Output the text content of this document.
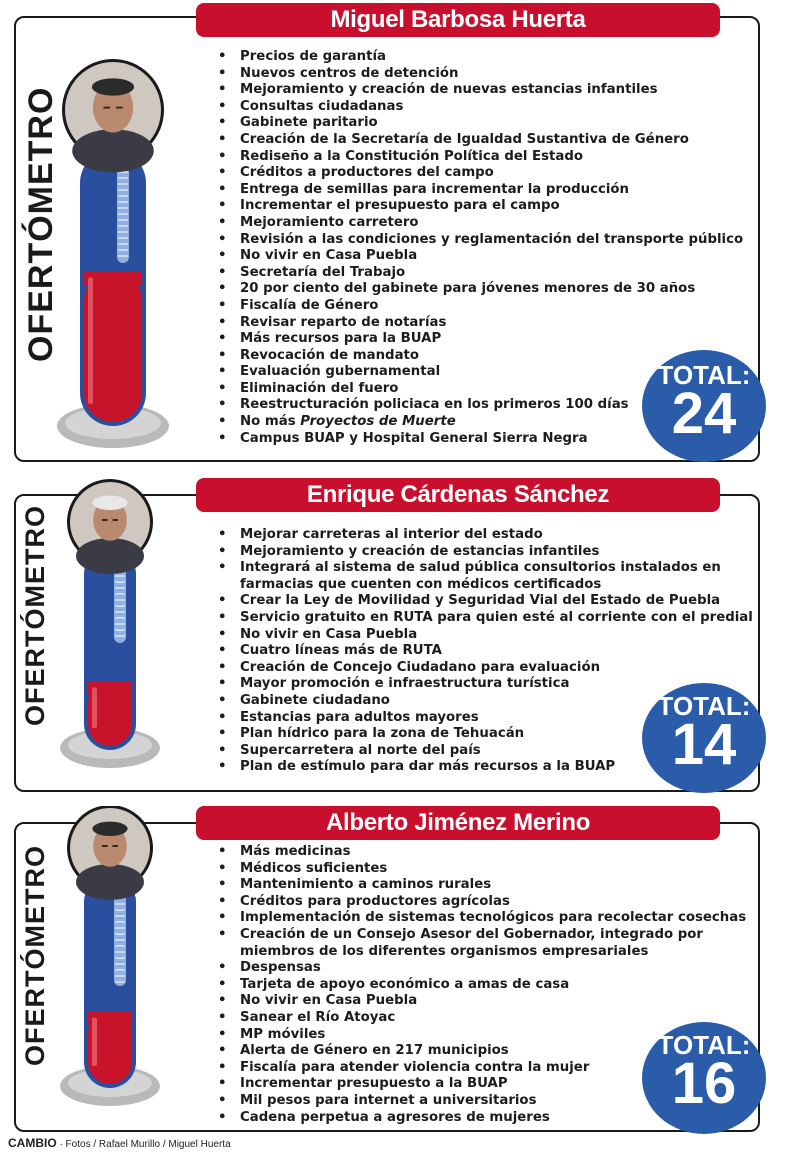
Miguel Barbosa Huerta
OFERTÓMETRO
• Precios de garantía
• Nuevos centros de detención
• Mejoramiento y creación de nuevas estancias infantiles
• Consultas ciudadanas
• Gabinete paritario
• Creación de la Secretaría de Igualdad Sustantiva de Género
• Rediseño a la Constitución Política del Estado
• Créditos a productores del campo
• Entrega de semillas para incrementar la producción
• Incrementar el presupuesto para el campo
• Mejoramiento carretero
• Revisión a las condiciones y reglamentación del transporte público
• No vivir en Casa Puebla
• Secretaría del Trabajo
• 20 por ciento del gabinete para jóvenes menores de 30 años
• Fiscalía de Género
• Revisar reparto de notarías
• Más recursos para la BUAP
• Revocación de mandato
• Evaluación gubernamental
• Eliminación del fuero
• Reestructuración policiaca en los primeros 100 días
• No más Proyectos de Muerte
• Campus BUAP y Hospital General Sierra Negra
TOTAL:
24
Enrique Cárdenas Sánchez
OFERTÓMETRO	• Mejorar carreteras al interior del estado
• Mejoramiento y creación de estancias infantiles
• Integrará al sistema de salud pública consultorios instalados en farmacias que cuenten con médicos certificados
• Crear la Ley de Movilidad y Seguridad Vial del Estado de Puebla
• Servicio gratuito en RUTA para quien esté al corriente con el predial
• No vivir en Casa Puebla
• Cuatro líneas más de RUTA
• Creación de Concejo Ciudadano para evaluación
• Mayor promoción e infraestructura turística
• Gabinete ciudadano
• Estancias para adultos mayores
• Plan hídrico para la zona de Tehuacán
• Supercarretera al norte del país
• Plan de estímulo para dar más recursos a la BUAP
TOTAL:
14
Alberto Jiménez Merino
OFERTÓMETRO	• Más medicinas
• Médicos suficientes
• Mantenimiento a caminos rurales
• Créditos para productores agrícolas
• Implementación de sistemas tecnológicos para recolectar cosechas
• Creación de un Consejo Asesor del Gobernador, integrado por miembros de los diferentes organismos empresariales
• Despensas
• Tarjeta de apoyo económico a amas de casa
• No vivir en Casa Puebla
• Sanear el Río Atoyac
• MP móviles
• Alerta de Género en 217 municipios
• Fiscalía para atender violencia contra la mujer
• Incrementar presupuesto a la BUAP
• Mil pesos para internet a universitarios
• Cadena perpetua a agresores de mujeres
TOTAL:
16
CAMBIO · Fotos / Rafael Murillo / Miguel Huerta
